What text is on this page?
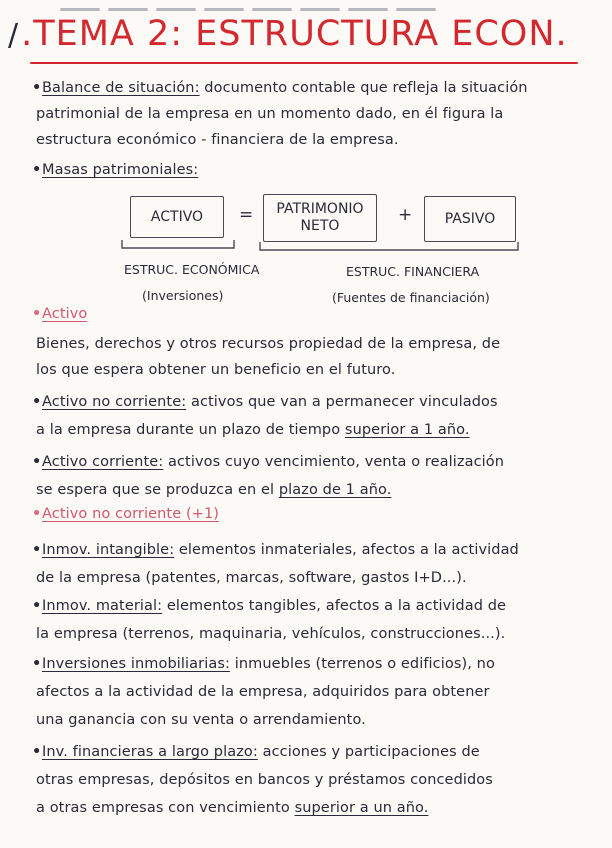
/.TEMA 2: ESTRUCTURA ECON.
•Balance de situación: documento contable que refleja la situación
patrimonial de la empresa en un momento dado, en él figura la
estructura económico - financiera de la empresa.
•Masas patrimoniales:
ACTIVO	= PATRIMONIO
NETO
+	PASIVO
ESTRUC. ECONÓMICA
(Inversiones)
ESTRUC. FINANCIERA
(Fuentes de financiación)
•Activo
Bienes, derechos y otros recursos propiedad de la empresa, de
los que espera obtener un beneficio en el futuro.
•Activo no corriente: activos que van a permanecer vinculados
a la empresa durante un plazo de tiempo superior a 1 año.
•Activo corriente: activos cuyo vencimiento, venta o realización
se espera que se produzca en el plazo de 1 año.
•Activo no corriente (+1)
•Inmov. intangible: elementos inmateriales, afectos a la actividad
de la empresa (patentes, marcas, software, gastos I+D...).
•Inmov. material: elementos tangibles, afectos a la actividad de
la empresa (terrenos, maquinaria, vehículos, construcciones...).
•Inversiones inmobiliarias: inmuebles (terrenos o edificios), no
afectos a la actividad de la empresa, adquiridos para obtener
una ganancia con su venta o arrendamiento.
•Inv. financieras a largo plazo: acciones y participaciones de
otras empresas, depósitos en bancos y préstamos concedidos
a otras empresas con vencimiento superior a un año.
